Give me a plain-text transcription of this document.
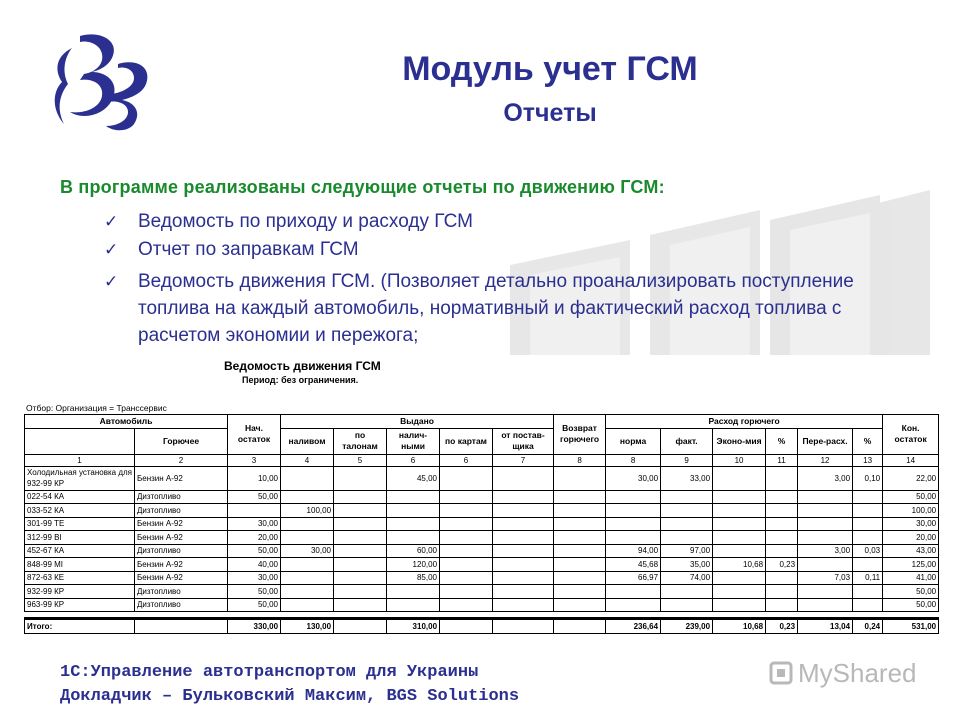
Модуль учет ГСМ
Отчеты
В программе реализованы следующие отчеты по движению ГСМ:
✓ Ведомость по приходу и расходу ГСМ
✓ Отчет по заправкам ГСМ
✓ Ведомость движения ГСМ. (Позволяет детально проанализировать поступление топлива на каждый автомобиль, нормативный и фактический расход топлива с расчетом экономии и пережога;
Ведомость движения ГСМ
Период: без ограничения.
Отбор: Организация = Транссервис
Автомобиль		Нач. остаток	Выдано					Возврат горючего	Расход горючего						Кон. остаток
	Горючее		наливом	по талонам	налич-ными	по картам	от постав-щика		норма	факт.	Эконо-мия	%	Пере-расх.	%	
1	2	3	4	5	6	6	7	8	8	9	10	11	12	13	14
Холодильная установка для 932-99 КР	Бензин А-92	10,00			45,00				30,00	33,00			3,00	0,10	22,00
022-54 КА	Дизтопливо	50,00													50,00
033-52 КА	Дизтопливо		100,00												100,00
301-99 ТЕ	Бензин А-92	30,00													30,00
312-99 ВІ	Бензин А-92	20,00													20,00
452-67 КА	Дизтопливо	50,00	30,00		60,00				94,00	97,00			3,00	0,03	43,00
848-99 МІ	Бензин А-92	40,00			120,00				45,68	35,00	10,68	0,23			125,00
872-63 КЕ	Бензин А-92	30,00			85,00				66,97	74,00			7,03	0,11	41,00
932-99 КР	Дизтопливо	50,00													50,00
963-99 КР	Дизтопливо	50,00													50,00

Итого:		330,00	130,00		310,00				236,64	239,00	10,68	0,23	13,04	0,24	531,00
1С:Управление автотранспортом для Украины
Докладчик – Бульковский Максим, BGS Solutions
MyShared
